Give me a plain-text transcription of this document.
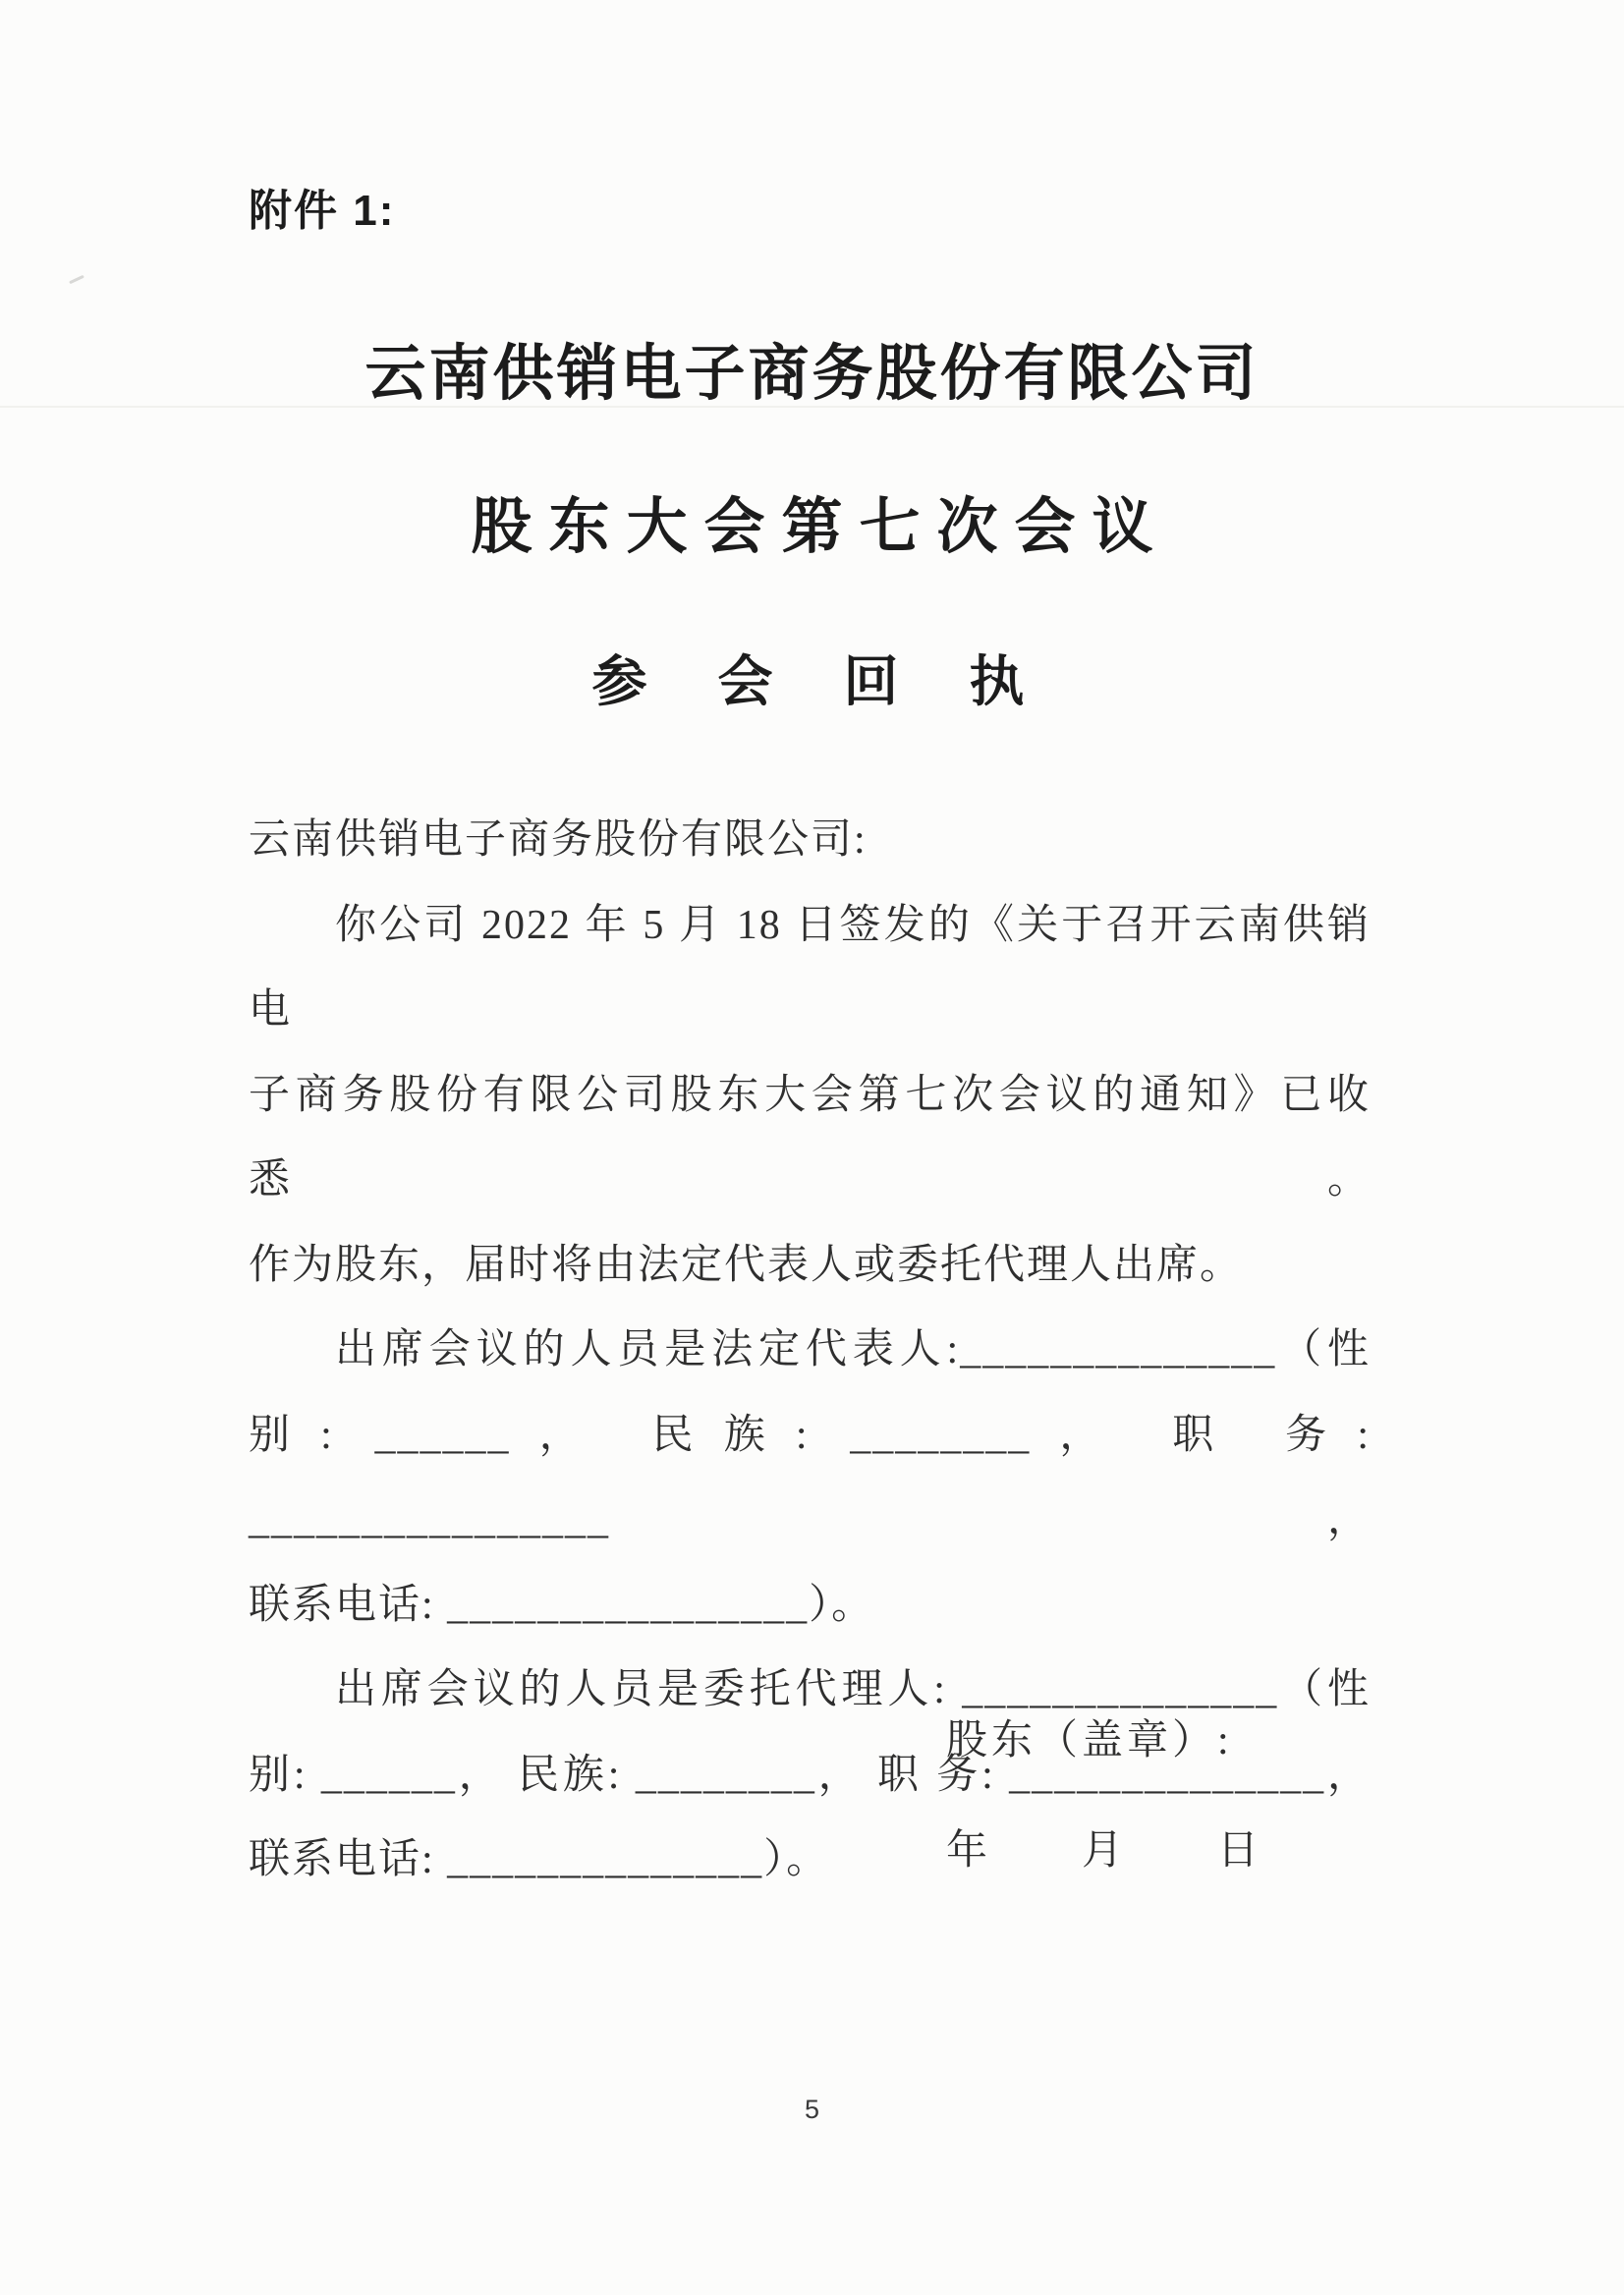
附件 1:
云南供销电子商务股份有限公司
股东大会第七次会议
参　会　回　执
云南供销电子商务股份有限公司:
你公司 2022 年 5 月 18 日签发的《关于召开云南供销电
子商务股份有限公司股东大会第七次会议的通知》已收悉。
作为股东，届时将由法定代表人或委托代理人出席。
出席会议的人员是法定代表人:______________（性
别: ______， 民族: ________， 职 务: ________________，
联系电话: ________________）。
出席会议的人员是委托代理人: ______________（性
别: ______， 民族: ________， 职 务: ______________，
联系电话: ______________）。
股东（盖章）:
年　　月　　日
5
